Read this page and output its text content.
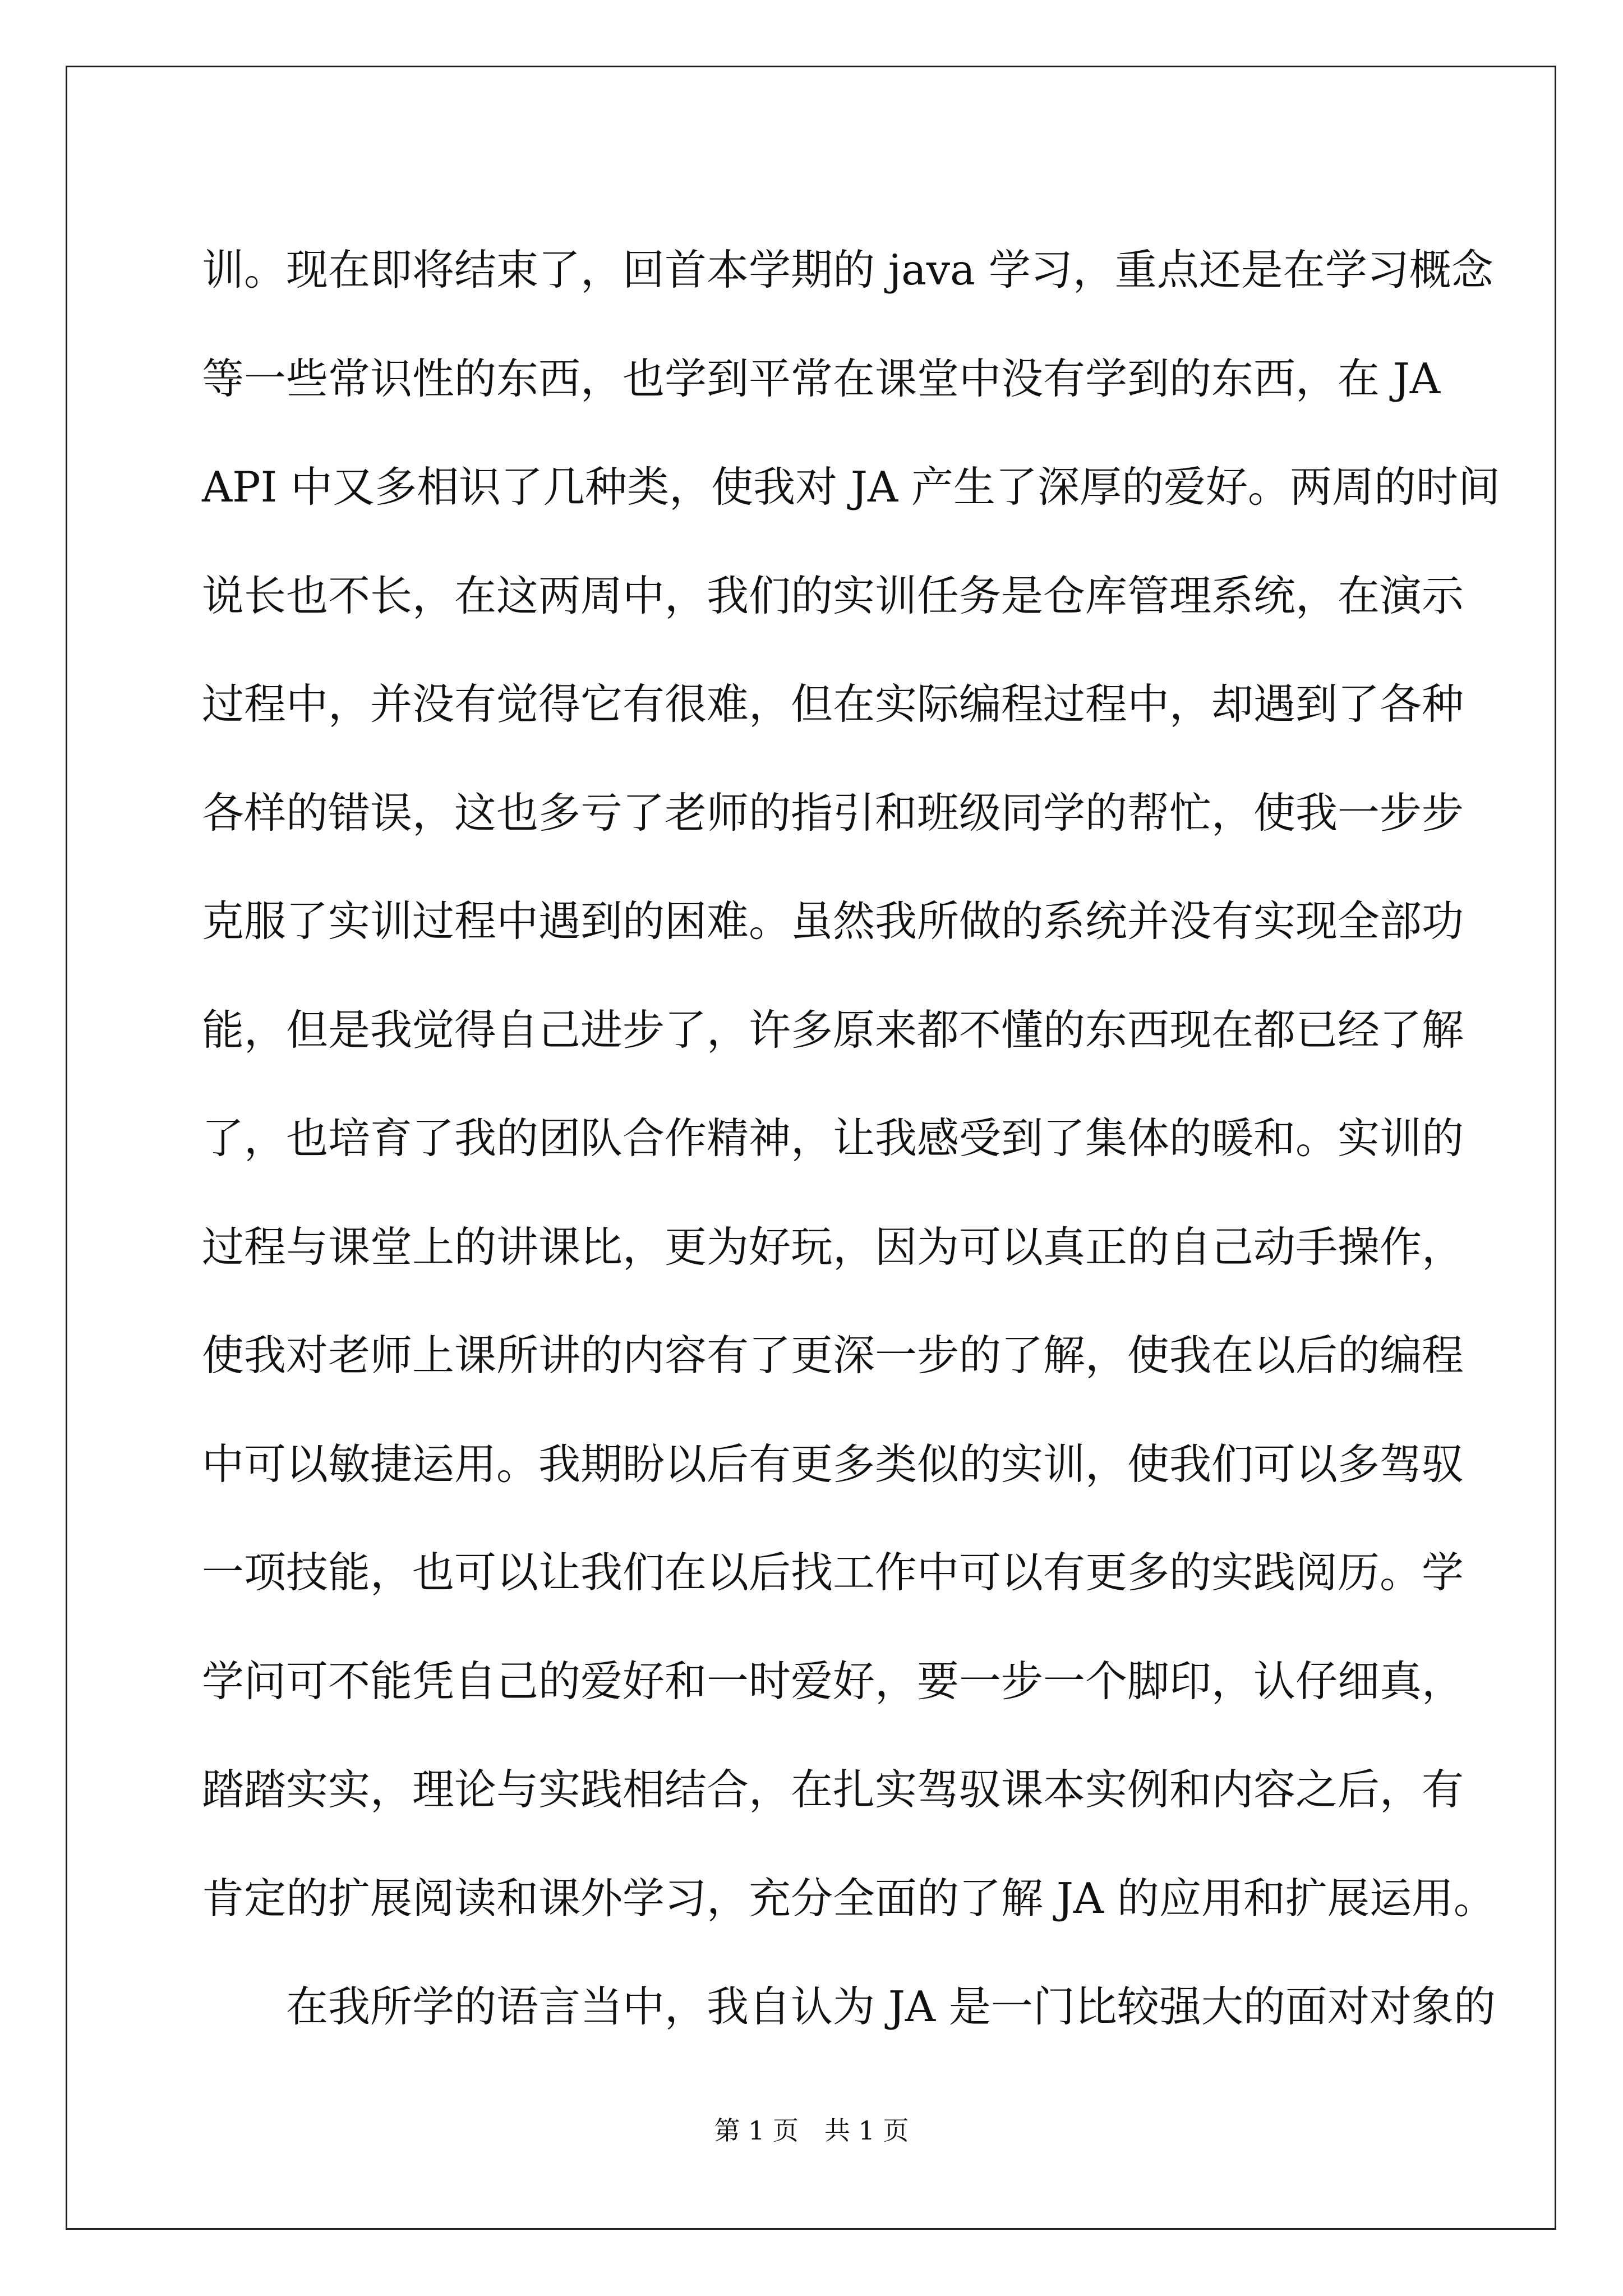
训。现在即将结束了，回首本学期的 java 学习，重点还是在学习概念
等一些常识性的东西，也学到平常在课堂中没有学到的东西，在 JA
API 中又多相识了几种类，使我对 JA 产生了深厚的爱好。两周的时间
说长也不长，在这两周中，我们的实训任务是仓库管理系统，在演示
过程中，并没有觉得它有很难，但在实际编程过程中，却遇到了各种
各样的错误，这也多亏了老师的指引和班级同学的帮忙，使我一步步
克服了实训过程中遇到的困难。虽然我所做的系统并没有实现全部功
能，但是我觉得自己进步了，许多原来都不懂的东西现在都已经了解
了，也培育了我的团队合作精神，让我感受到了集体的暖和。实训的
过程与课堂上的讲课比，更为好玩，因为可以真正的自己动手操作，
使我对老师上课所讲的内容有了更深一步的了解，使我在以后的编程
中可以敏捷运用。我期盼以后有更多类似的实训，使我们可以多驾驭
一项技能，也可以让我们在以后找工作中可以有更多的实践阅历。学
学问可不能凭自己的爱好和一时爱好，要一步一个脚印，认仔细真，
踏踏实实，理论与实践相结合，在扎实驾驭课本实例和内容之后，有
肯定的扩展阅读和课外学习，充分全面的了解 JA 的应用和扩展运用。
在我所学的语言当中，我自认为 JA 是一门比较强大的面对对象的
第 1 页　共 1 页
